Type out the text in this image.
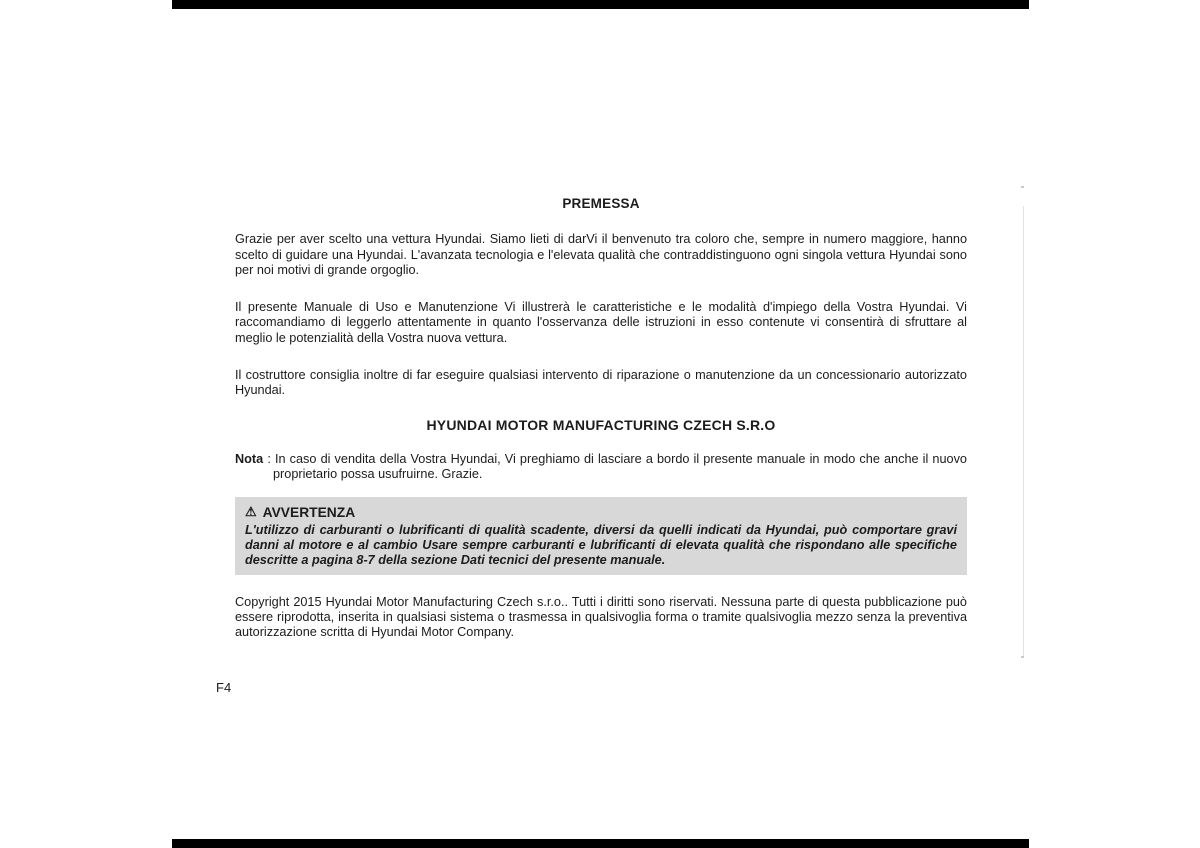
PREMESSA

Grazie per aver scelto una vettura Hyundai. Siamo lieti di darVi il benvenuto tra coloro che, sempre in numero maggiore, hanno scelto di guidare una Hyundai. L'avanzata tecnologia e l'elevata qualità che contraddistinguono ogni singola vettura Hyundai sono per noi motivi di grande orgoglio.

Il presente Manuale di Uso e Manutenzione Vi illustrerà le caratteristiche e le modalità d'impiego della Vostra Hyundai. Vi raccomandiamo di leggerlo attentamente in quanto l'osservanza delle istruzioni in esso contenute vi consentirà di sfruttare al meglio le potenzialità della Vostra nuova vettura.

Il costruttore consiglia inoltre di far eseguire qualsiasi intervento di riparazione o manutenzione da un concessionario autorizzato Hyundai.

HYUNDAI MOTOR MANUFACTURING CZECH S.R.O

Nota : In caso di vendita della Vostra Hyundai, Vi preghiamo di lasciare a bordo il presente manuale in modo che anche il nuovo proprietario possa usufruirne. Grazie.

⚠ AVVERTENZA

L'utilizzo di carburanti o lubrificanti di qualità scadente, diversi da quelli indicati da Hyundai, può comportare gravi danni al motore e al cambio Usare sempre carburanti e lubrificanti di elevata qualità che rispondano alle specifiche descritte a pagina 8-7 della sezione Dati tecnici del presente manuale.

Copyright 2015 Hyundai Motor Manufacturing Czech s.r.o.. Tutti i diritti sono riservati. Nessuna parte di questa pubblicazione può essere riprodotta, inserita in qualsiasi sistema o trasmessa in qualsivoglia forma o tramite qualsivoglia mezzo senza la preventiva autorizzazione scritta di Hyundai Motor Company.

F4
